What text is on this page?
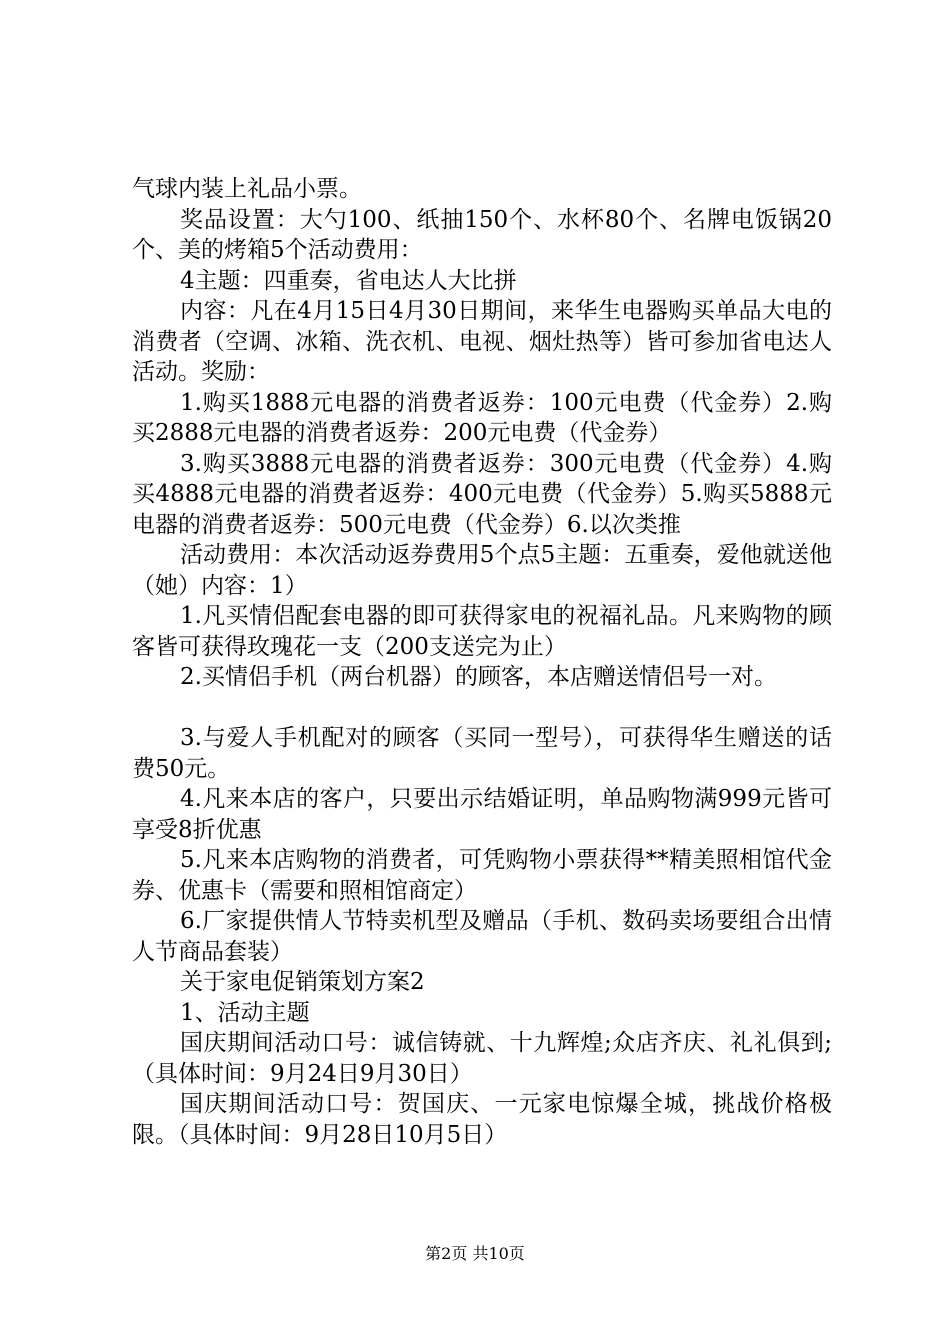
气球内装上礼品小票。

奖品设置：大勺100、纸抽150个、水杯80个、名牌电饭锅20个、美的烤箱5个活动费用：

4主题：四重奏，省电达人大比拼

内容：凡在4月15日4月30日期间，来华生电器购买单品大电的消费者（空调、冰箱、洗衣机、电视、烟灶热等）皆可参加省电达人活动。奖励：

1.购买1888元电器的消费者返券：100元电费（代金券）2.购买2888元电器的消费者返券：200元电费（代金券）

3.购买3888元电器的消费者返券：300元电费（代金券）4.购买4888元电器的消费者返券：400元电费（代金券）5.购买5888元电器的消费者返券：500元电费（代金券）6.以次类推

活动费用：本次活动返券费用5个点5主题：五重奏，爱他就送他（她）内容：1）

1.凡买情侣配套电器的即可获得家电的祝福礼品。凡来购物的顾客皆可获得玫瑰花一支（200支送完为止）

2.买情侣手机（两台机器）的顾客，本店赠送情侣号一对。

3.与爱人手机配对的顾客（买同一型号），可获得华生赠送的话费50元。

4.凡来本店的客户，只要出示结婚证明，单品购物满999元皆可享受8折优惠

5.凡来本店购物的消费者，可凭购物小票获得**精美照相馆代金券、优惠卡（需要和照相馆商定）

6.厂家提供情人节特卖机型及赠品（手机、数码卖场要组合出情人节商品套装）

关于家电促销策划方案2

1、活动主题

国庆期间活动口号：诚信铸就、十九辉煌;众店齐庆、礼礼俱到;（具体时间：9月24日9月30日）

国庆期间活动口号：贺国庆、一元家电惊爆全城，挑战价格极限。（具体时间：9月28日10月5日）

第2页 共10页
